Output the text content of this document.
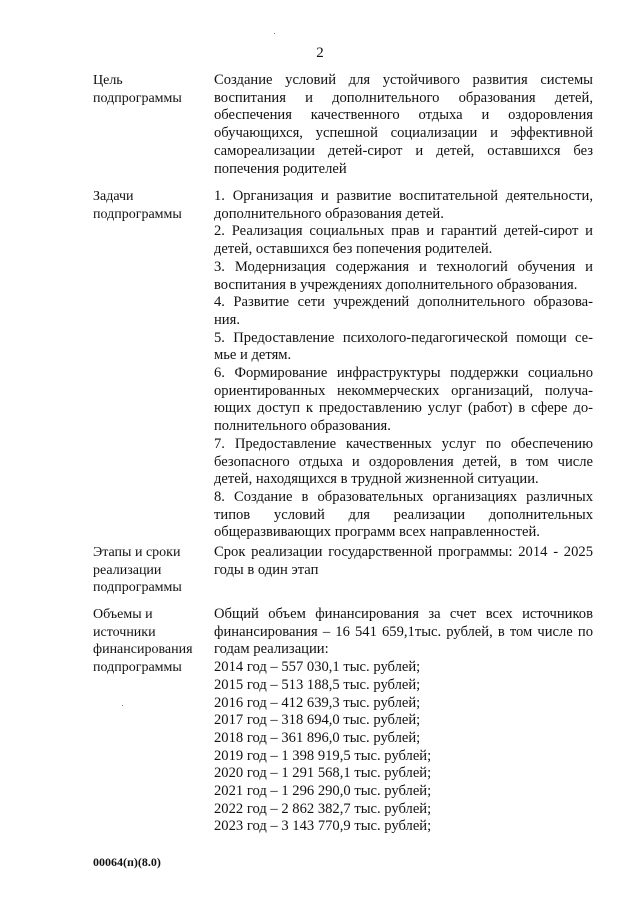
2
Цель
подпрограммы
Создание условий для устойчивого развития системы воспитания и дополнительного образования детей, обеспечения качественного отдыха и оздоровления обучающихся, успешной социализации и эффективной самореализации детей-сирот и детей, оставшихся без попечения родителей
Задачи
подпрограммы

1. Организация и развитие воспитательной деятельности, дополнительного образования детей.

2. Реализация социальных прав и гарантий детей-сирот и детей, оставшихся без попечения родителей.

3. Модернизация содержания и технологий обучения и воспитания в учреждениях дополнительного образования.

4. Развитие сети учреждений дополнительного образова-ния.

5. Предоставление психолого-педагогической помощи се-мье и детям.

6. Формирование инфраструктуры поддержки социально ориентированных некоммерческих организаций, получа-ющих доступ к предоставлению услуг (работ) в сфере до-полнительного образования.

7. Предоставление качественных услуг по обеспечению безопасного отдыха и оздоровления детей, в том числе детей, находящихся в трудной жизненной ситуации.

8. Создание в образовательных организациях различных типов условий для реализации дополнительных общеразвивающих программ всех направленностей.

Этапы и сроки
реализации
подпрограммы
Срок реализации государственной программы: 2014 - 2025 годы в один этап
Объемы и
источники
финансирования
подпрограммы

Общий объем финансирования за счет всех источников финансирования – 16 541 659,1тыс. рублей, в том числе по годам реализации:

2014 год – 557 030,1 тыс. рублей;
2015 год – 513 188,5 тыс. рублей;
2016 год – 412 639,3 тыс. рублей;
2017 год – 318 694,0 тыс. рублей;
2018 год – 361 896,0 тыс. рублей;
2019 год – 1 398 919,5 тыс. рублей;
2020 год – 1 291 568,1 тыс. рублей;
2021 год – 1 296 290,0 тыс. рублей;
2022 год – 2 862 382,7 тыс. рублей;
2023 год – 3 143 770,9 тыс. рублей;
00064(п)(8.0)
